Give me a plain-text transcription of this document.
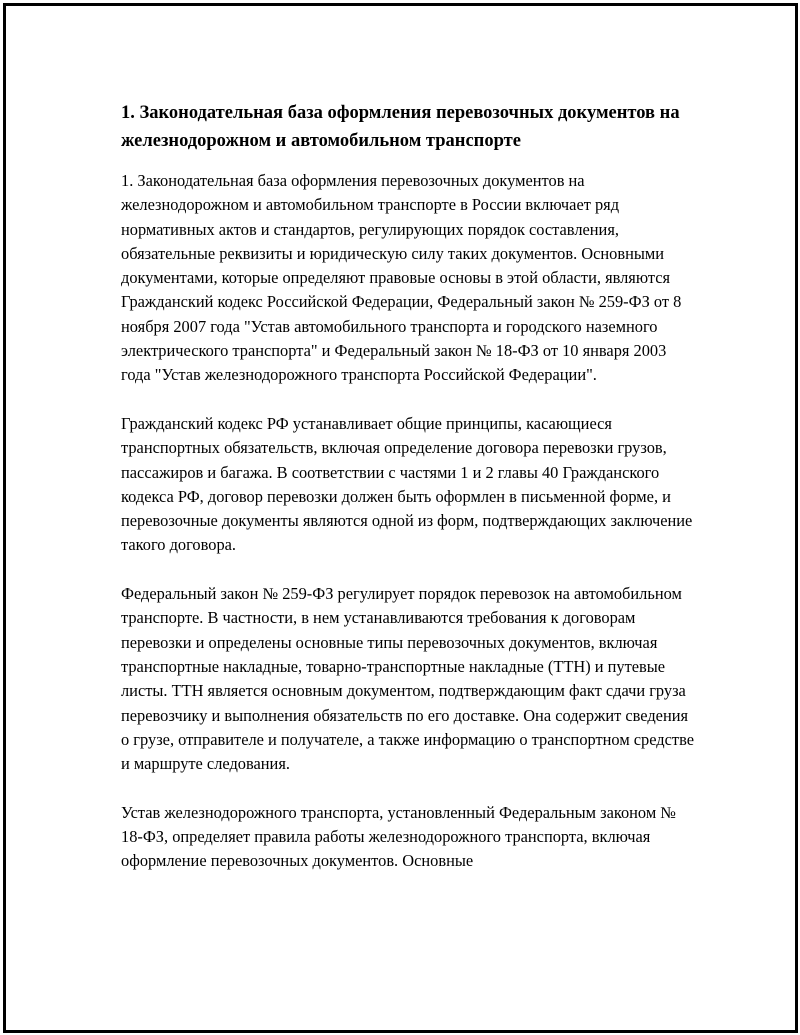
1. Законодательная база оформления перевозочных документов на железнодорожном и автомобильном транспорте

1. Законодательная база оформления перевозочных документов на железнодорожном и автомобильном транспорте в России включает ряд нормативных актов и стандартов, регулирующих порядок составления, обязательные реквизиты и юридическую силу таких документов. Основными документами, которые определяют правовые основы в этой области, являются Гражданский кодекс Российской Федерации, Федеральный закон № 259-ФЗ от 8 ноября 2007 года "Устав автомобильного транспорта и городского наземного электрического транспорта" и Федеральный закон № 18-ФЗ от 10 января 2003 года "Устав железнодорожного транспорта Российской Федерации".

Гражданский кодекс РФ устанавливает общие принципы, касающиеся транспортных обязательств, включая определение договора перевозки грузов, пассажиров и багажа. В соответствии с частями 1 и 2 главы 40 Гражданского кодекса РФ, договор перевозки должен быть оформлен в письменной форме, и перевозочные документы являются одной из форм, подтверждающих заключение такого договора.

Федеральный закон № 259-ФЗ регулирует порядок перевозок на автомобильном транспорте. В частности, в нем устанавливаются требования к договорам перевозки и определены основные типы перевозочных документов, включая транспортные накладные, товарно-транспортные накладные (ТТН) и путевые листы. ТТН является основным документом, подтверждающим факт сдачи груза перевозчику и выполнения обязательств по его доставке. Она содержит сведения о грузе, отправителе и получателе, а также информацию о транспортном средстве и маршруте следования.

Устав железнодорожного транспорта, установленный Федеральным законом № 18-ФЗ, определяет правила работы железнодорожного транспорта, включая оформление перевозочных документов. Основные
